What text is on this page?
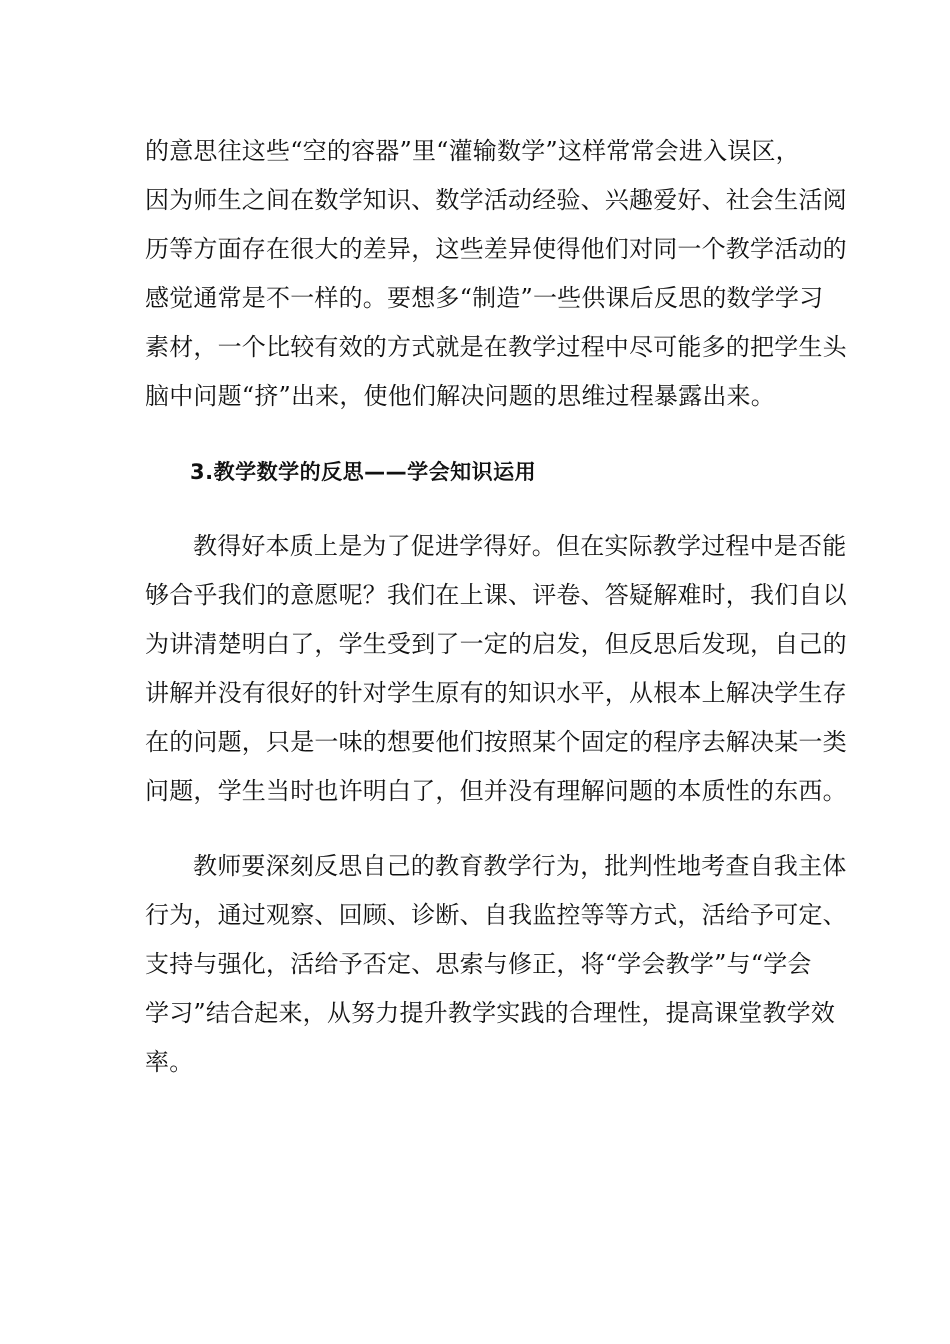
的意思往这些“空的容器”里“灌输数学”这样常常会进入误区，
因为师生之间在数学知识、数学活动经验、兴趣爱好、社会生活阅
历等方面存在很大的差异，这些差异使得他们对同一个教学活动的
感觉通常是不一样的。要想多“制造”一些供课后反思的数学学习
素材，一个比较有效的方式就是在教学过程中尽可能多的把学生头
脑中问题“挤”出来，使他们解决问题的思维过程暴露出来。
3.教学数学的反思——学会知识运用
教得好本质上是为了促进学得好。但在实际教学过程中是否能
够合乎我们的意愿呢？我们在上课、评卷、答疑解难时，我们自以
为讲清楚明白了，学生受到了一定的启发，但反思后发现，自己的
讲解并没有很好的针对学生原有的知识水平，从根本上解决学生存
在的问题，只是一味的想要他们按照某个固定的程序去解决某一类
问题，学生当时也许明白了，但并没有理解问题的本质性的东西。
教师要深刻反思自己的教育教学行为，批判性地考查自我主体
行为，通过观察、回顾、诊断、自我监控等等方式，活给予可定、
支持与强化，活给予否定、思索与修正，将“学会教学”与“学会
学习”结合起来，从努力提升教学实践的合理性，提高课堂教学效
率。
